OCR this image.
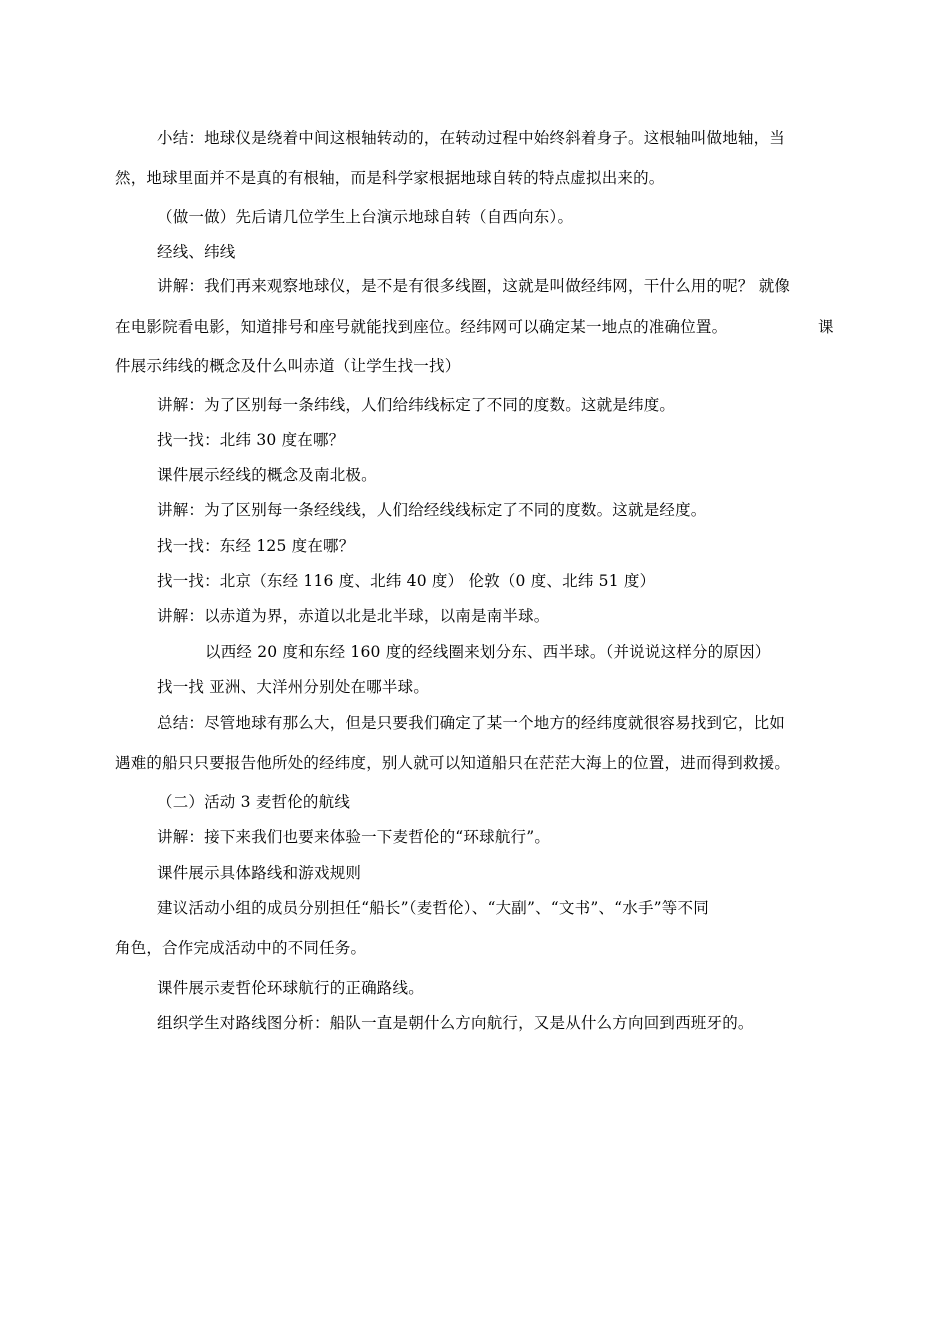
小结：地球仪是绕着中间这根轴转动的，在转动过程中始终斜着身子。这根轴叫做地轴，当
然，地球里面并不是真的有根轴，而是科学家根据地球自转的特点虚拟出来的。
（做一做）先后请几位学生上台演示地球自转（自西向东）。
经线、纬线
讲解：我们再来观察地球仪，是不是有很多线圈，这就是叫做经纬网，干什么用的呢？ 就像
在电影院看电影，知道排号和座号就能找到座位。经纬网可以确定某一地点的准确位置。	课
件展示纬线的概念及什么叫赤道（让学生找一找）
讲解：为了区别每一条纬线，人们给纬线标定了不同的度数。这就是纬度。
找一找：北纬 30 度在哪？
课件展示经线的概念及南北极。
讲解：为了区别每一条经线线，人们给经线线标定了不同的度数。这就是经度。
找一找：东经 125 度在哪？
找一找：北京（东经 116 度、北纬 40 度） 伦敦（0 度、北纬 51 度）
讲解：以赤道为界，赤道以北是北半球，以南是南半球。
以西经 20 度和东经 160 度的经线圈来划分东、西半球。（并说说这样分的原因）
找一找 亚洲、大洋州分别处在哪半球。
总结：尽管地球有那么大，但是只要我们确定了某一个地方的经纬度就很容易找到它，比如
遇难的船只只要报告他所处的经纬度，别人就可以知道船只在茫茫大海上的位置，进而得到救援。
（二）活动 3 麦哲伦的航线
讲解：接下来我们也要来体验一下麦哲伦的“环球航行”。
课件展示具体路线和游戏规则
建议活动小组的成员分别担任“船长”（麦哲伦）、“大副”、“文书”、“水手”等不同
角色，合作完成活动中的不同任务。
课件展示麦哲伦环球航行的正确路线。
组织学生对路线图分析：船队一直是朝什么方向航行，又是从什么方向回到西班牙的。
